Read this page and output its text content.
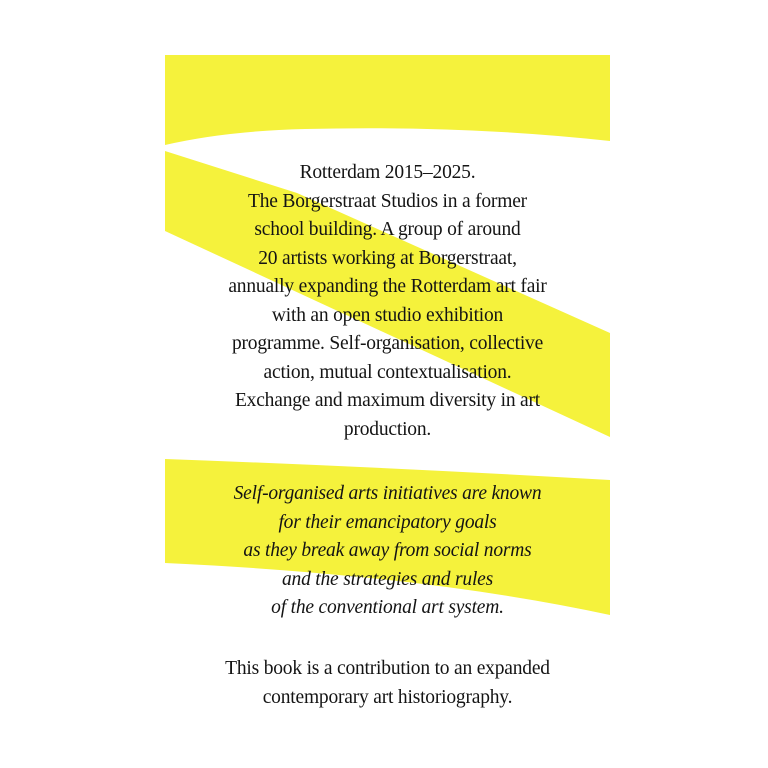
Rotterdam 2015–2025.
The Borgerstraat Studios in a former
school building. A group of around
20 artists working at Borgerstraat,
annually expanding the Rotterdam art fair
with an open studio exhibition
programme. Self-organisation, collective
action, mutual contextualisation.
Exchange and maximum diversity in art
production.
Self-organised arts initiatives are known
for their emancipatory goals
as they break away from social norms
and the strategies and rules
of the conventional art system.
This book is a contribution to an expanded
contemporary art historiography.
